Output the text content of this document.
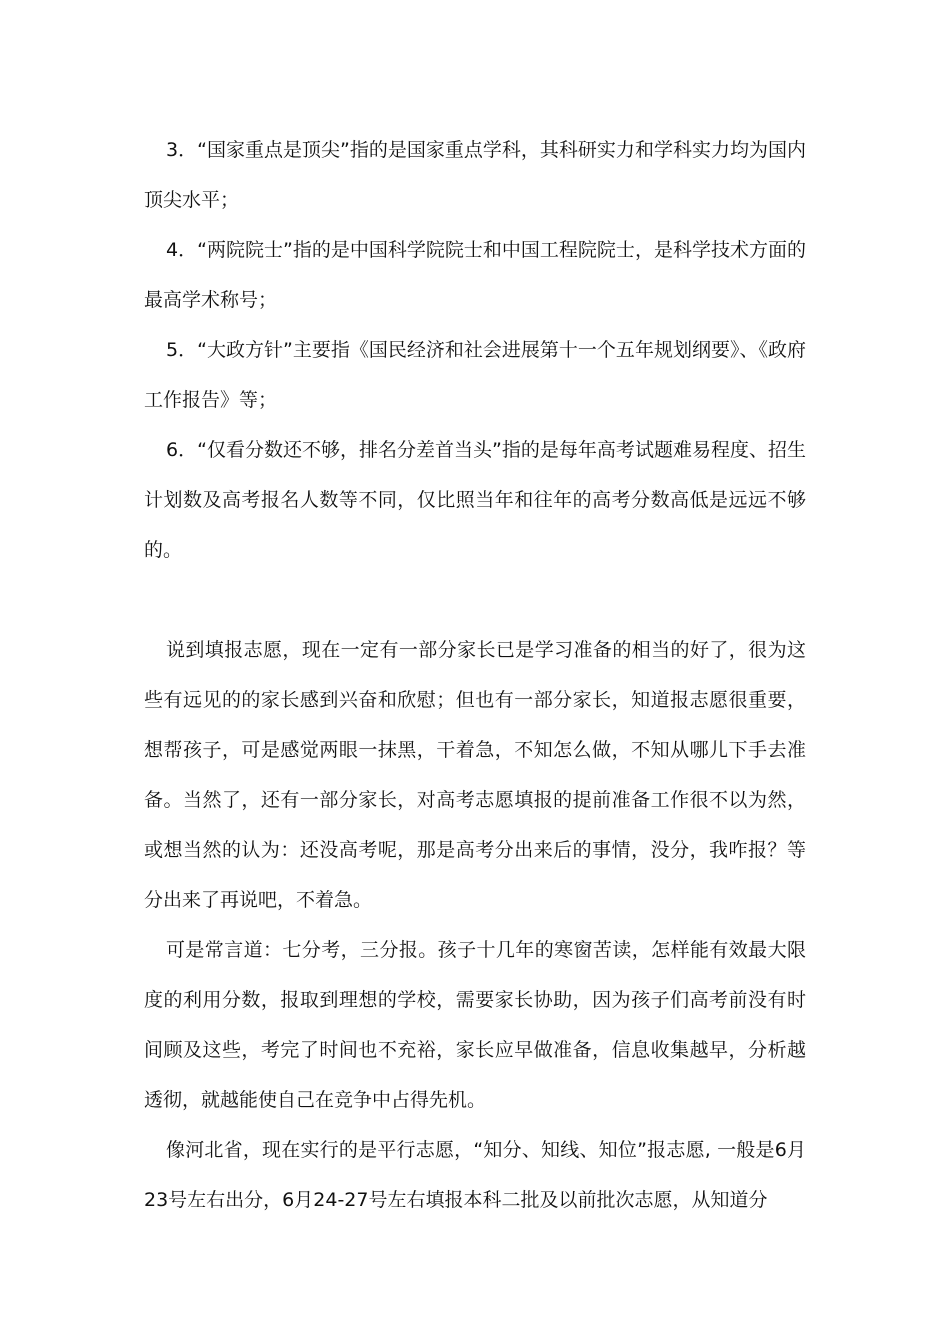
3．“国家重点是顶尖”指的是国家重点学科，其科研实力和学科实力均为国内顶尖水平；

4．“两院院士”指的是中国科学院院士和中国工程院院士，是科学技术方面的最高学术称号；

5．“大政方针”主要指《国民经济和社会进展第十一个五年规划纲要》、《政府工作报告》等；

6．“仅看分数还不够，排名分差首当头”指的是每年高考试题难易程度、招生计划数及高考报名人数等不同，仅比照当年和往年的高考分数高低是远远不够的。

说到填报志愿，现在一定有一部分家长已是学习准备的相当的好了，很为这些有远见的的家长感到兴奋和欣慰；但也有一部分家长，知道报志愿很重要，想帮孩子，可是感觉两眼一抹黑，干着急，不知怎么做，不知从哪儿下手去准备。当然了，还有一部分家长，对高考志愿填报的提前准备工作很不以为然，或想当然的认为：还没高考呢，那是高考分出来后的事情，没分，我咋报？等分出来了再说吧，不着急。

可是常言道：七分考，三分报。孩子十几年的寒窗苦读，怎样能有效最大限度的利用分数，报取到理想的学校，需要家长协助，因为孩子们高考前没有时间顾及这些，考完了时间也不充裕，家长应早做准备，信息收集越早，分析越透彻，就越能使自己在竞争中占得先机。

像河北省，现在实行的是平行志愿，“知分、知线、知位”报志愿, 一般是6月23号左右出分，6月24-27号左右填报本科二批及以前批次志愿，从知道分
